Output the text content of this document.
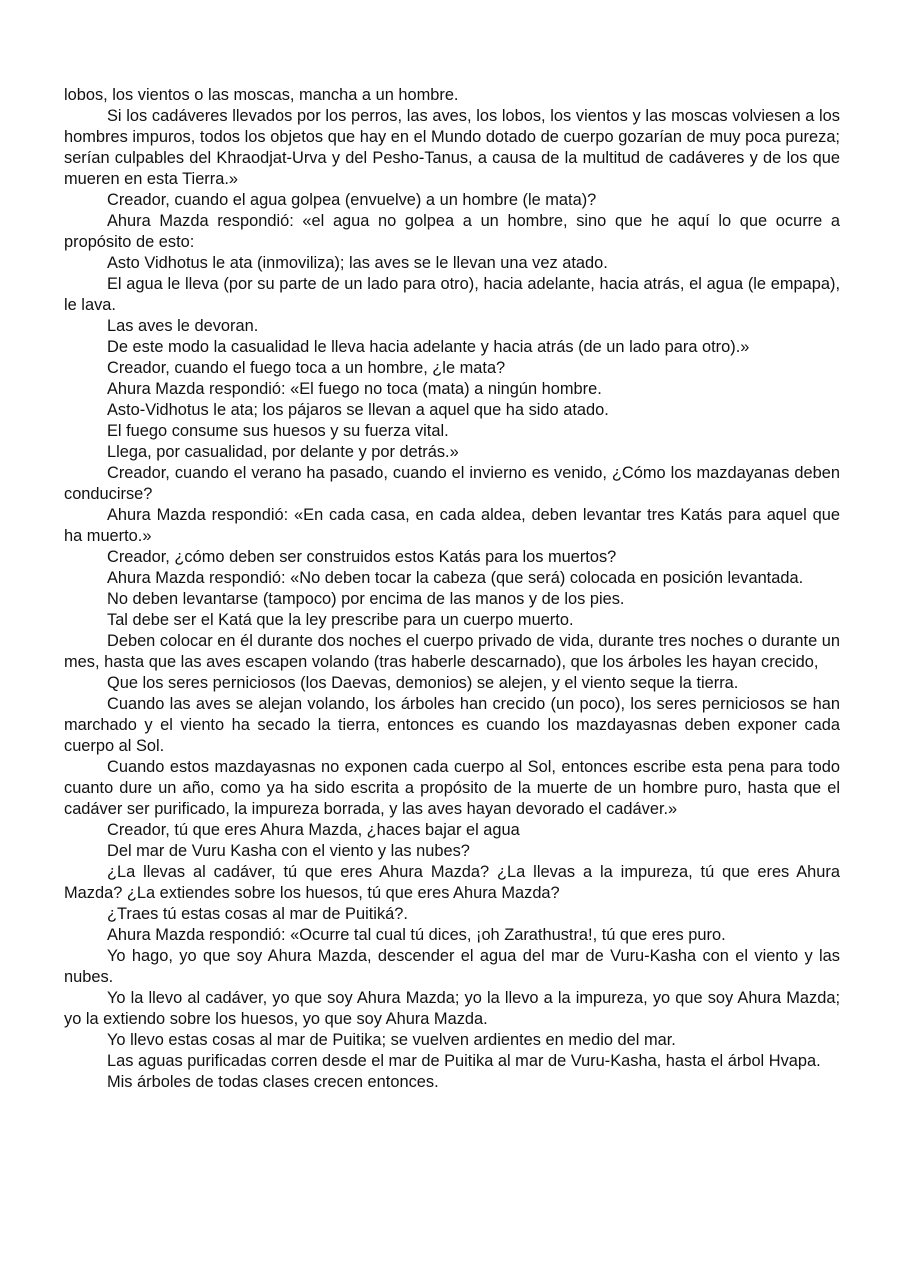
lobos, los vientos o las moscas, mancha a un hombre.

Si los cadáveres llevados por los perros, las aves, los lobos, los vientos y las moscas volviesen a los hombres impuros, todos los objetos que hay en el Mundo dotado de cuerpo gozarían de muy poca pureza; serían culpables del Khraodjat-Urva y del Pesho-Tanus, a causa de la multitud de cadáveres y de los que mueren en esta Tierra.»

Creador, cuando el agua golpea (envuelve) a un hombre (le mata)?

Ahura Mazda respondió: «el agua no golpea a un hombre, sino que he aquí lo que ocurre a propósito de esto:

Asto Vidhotus le ata (inmoviliza); las aves se le llevan una vez atado.

El agua le lleva (por su parte de un lado para otro), hacia adelante, hacia atrás, el agua (le empapa), le lava.

Las aves le devoran.

De este modo la casualidad le lleva hacia adelante y hacia atrás (de un lado para otro).»

Creador, cuando el fuego toca a un hombre, ¿le mata?

Ahura Mazda respondió: «El fuego no toca (mata) a ningún hombre.

Asto-Vidhotus le ata; los pájaros se llevan a aquel que ha sido atado.

El fuego consume sus huesos y su fuerza vital.

Llega, por casualidad, por delante y por detrás.»

Creador, cuando el verano ha pasado, cuando el invierno es venido, ¿Cómo los mazdayanas deben conducirse?

Ahura Mazda respondió: «En cada casa, en cada aldea, deben levantar tres Katás para aquel que ha muerto.»

Creador, ¿cómo deben ser construidos estos Katás para los muertos?

Ahura Mazda respondió: «No deben tocar la cabeza (que será) colocada en posición levantada.

No deben levantarse (tampoco) por encima de las manos y de los pies.

Tal debe ser el Katá que la ley prescribe para un cuerpo muerto.

Deben colocar en él durante dos noches el cuerpo privado de vida, durante tres noches o durante un mes, hasta que las aves escapen volando (tras haberle descarnado), que los árboles les hayan crecido,

Que los seres perniciosos (los Daevas, demonios) se alejen, y el viento seque la tierra.

Cuando las aves se alejan volando, los árboles han crecido (un poco), los seres perniciosos se han marchado y el viento ha secado la tierra, entonces es cuando los mazdayasnas deben exponer cada cuerpo al Sol.

Cuando estos mazdayasnas no exponen cada cuerpo al Sol, entonces escribe esta pena para todo cuanto dure un año, como ya ha sido escrita a propósito de la muerte de un hombre puro, hasta que el cadáver ser purificado, la impureza borrada, y las aves hayan devorado el cadáver.»

Creador, tú que eres Ahura Mazda, ¿haces bajar el agua

Del mar de Vuru Kasha con el viento y las nubes?

¿La llevas al cadáver, tú que eres Ahura Mazda? ¿La llevas a la impureza, tú que eres Ahura Mazda? ¿La extiendes sobre los huesos, tú que eres Ahura Mazda?

¿Traes tú estas cosas al mar de Puitiká?.

Ahura Mazda respondió: «Ocurre tal cual tú dices, ¡oh Zarathustra!, tú que eres puro.

Yo hago, yo que soy Ahura Mazda, descender el agua del mar de Vuru-Kasha con el viento y las nubes.

Yo la llevo al cadáver, yo que soy Ahura Mazda; yo la llevo a la impureza, yo que soy Ahura Mazda; yo la extiendo sobre los huesos, yo que soy Ahura Mazda.

Yo llevo estas cosas al mar de Puitika; se vuelven ardientes en medio del mar.

Las aguas purificadas corren desde el mar de Puitika al mar de Vuru-Kasha, hasta el árbol Hvapa.

Mis árboles de todas clases crecen entonces.
